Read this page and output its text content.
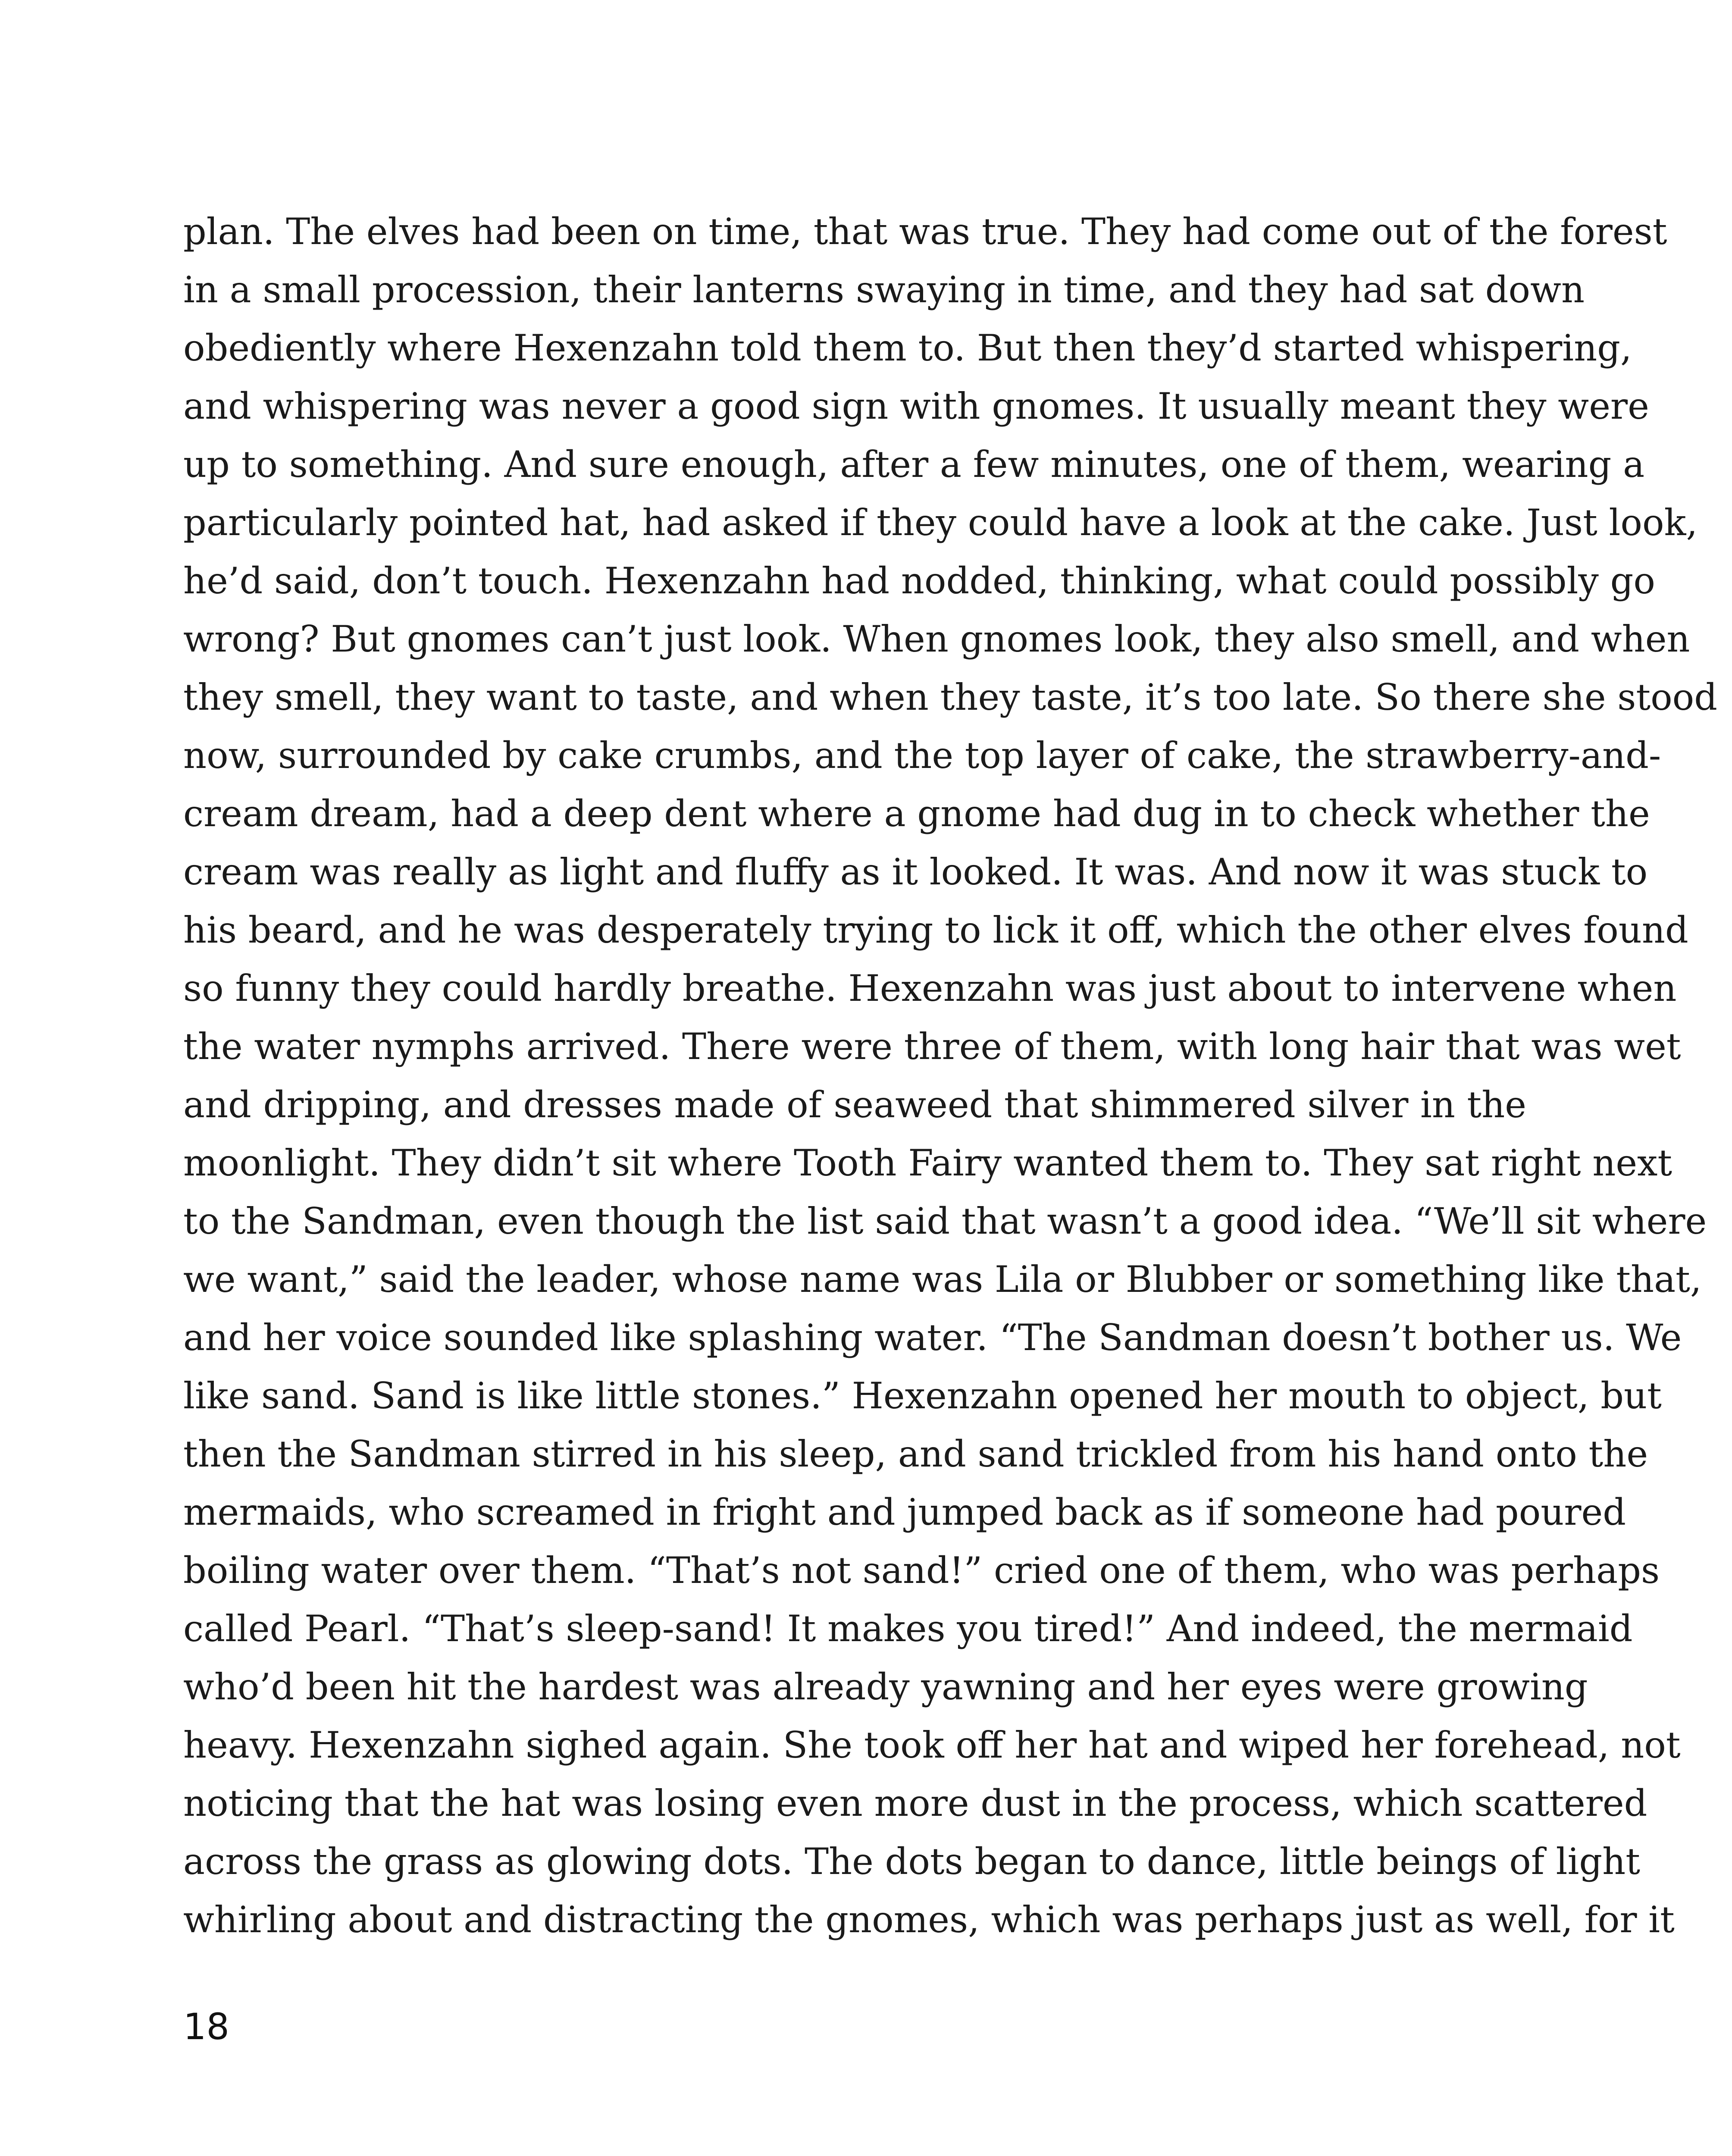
plan. The elves had been on time, that was true. They had come out of the forest
in a small procession, their lanterns swaying in time, and they had sat down
obediently where Hexenzahn told them to. But then they’d started whispering,
and whispering was never a good sign with gnomes. It usually meant they were
up to something. And sure enough, after a few minutes, one of them, wearing a
particularly pointed hat, had asked if they could have a look at the cake. Just look,
he’d said, don’t touch. Hexenzahn had nodded, thinking, what could possibly go
wrong? But gnomes can’t just look. When gnomes look, they also smell, and when
they smell, they want to taste, and when they taste, it’s too late. So there she stood
now, surrounded by cake crumbs, and the top layer of cake, the strawberry-and-
cream dream, had a deep dent where a gnome had dug in to check whether the
cream was really as light and fluffy as it looked. It was. And now it was stuck to
his beard, and he was desperately trying to lick it off, which the other elves found
so funny they could hardly breathe. Hexenzahn was just about to intervene when
the water nymphs arrived. There were three of them, with long hair that was wet
and dripping, and dresses made of seaweed that shimmered silver in the
moonlight. They didn’t sit where Tooth Fairy wanted them to. They sat right next
to the Sandman, even though the list said that wasn’t a good idea. “We’ll sit where
we want,” said the leader, whose name was Lila or Blubber or something like that,
and her voice sounded like splashing water. “The Sandman doesn’t bother us. We
like sand. Sand is like little stones.” Hexenzahn opened her mouth to object, but
then the Sandman stirred in his sleep, and sand trickled from his hand onto the
mermaids, who screamed in fright and jumped back as if someone had poured
boiling water over them. “That’s not sand!” cried one of them, who was perhaps
called Pearl. “That’s sleep-sand! It makes you tired!” And indeed, the mermaid
who’d been hit the hardest was already yawning and her eyes were growing
heavy. Hexenzahn sighed again. She took off her hat and wiped her forehead, not
noticing that the hat was losing even more dust in the process, which scattered
across the grass as glowing dots. The dots began to dance, little beings of light
whirling about and distracting the gnomes, which was perhaps just as well, for it
18
